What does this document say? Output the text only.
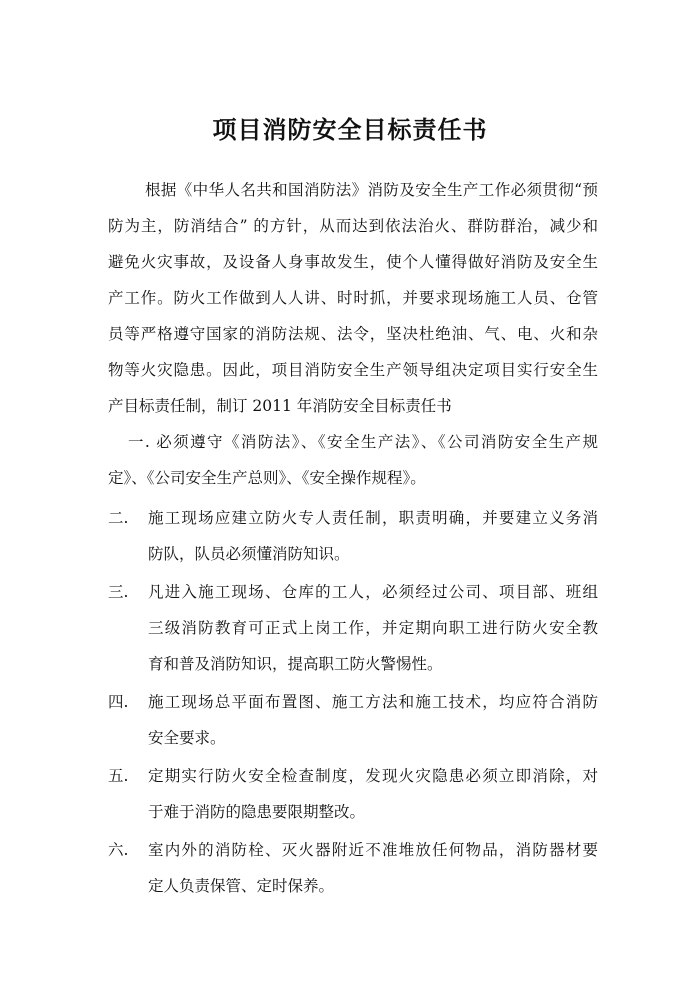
项目消防安全目标责任书
根据《中华人名共和国消防法》消防及安全生产工作必须贯彻“预
防为主，防消结合” 的方针，从而达到依法治火、群防群治，减少和
避免火灾事故，及设备人身事故发生，使个人懂得做好消防及安全生
产工作。防火工作做到人人讲、时时抓，并要求现场施工人员、仓管
员等严格遵守国家的消防法规、法令，坚决杜绝油、气、电、火和杂
物等火灾隐患。因此，项目消防安全生产领导组决定项目实行安全生
产目标责任制，制订 2011 年消防安全目标责任书
一. 必须遵守《消防法》、《安全生产法》、《公司消防安全生产规
定》、《公司安全生产总则》、《安全操作规程》。
二.	施工现场应建立防火专人责任制，职责明确，并要建立义务消
防队，队员必须懂消防知识。
三.	凡进入施工现场、仓库的工人，必须经过公司、项目部、班组
三级消防教育可正式上岗工作，并定期向职工进行防火安全教
育和普及消防知识，提高职工防火警惕性。
四.	施工现场总平面布置图、施工方法和施工技术，均应符合消防
安全要求。
五.	定期实行防火安全检查制度，发现火灾隐患必须立即消除，对
于难于消防的隐患要限期整改。
六.	室内外的消防栓、灭火器附近不准堆放任何物品，消防器材要
定人负责保管、定时保养。
